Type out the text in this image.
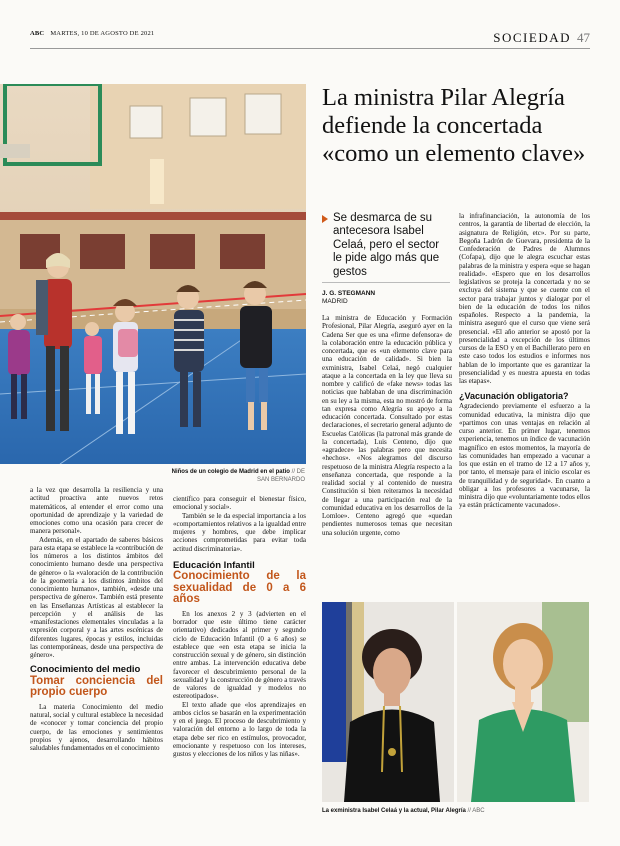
ABC MARTES, 10 DE AGOSTO DE 2021	SOCIEDAD 47
Niños de un colegio de Madrid en el patio // DE SAN BERNARDO
La ministra Pilar Alegría defiende la concertada «como un elemento clave»
Se desmarca de su antecesora Isabel Celaá, pero el sector le pide algo más que gestos
J. G. STEGMANN
MADRID

a la vez que desarrolla la resiliencia y una actitud proactiva ante nuevos retos matemáticos, al entender el error como una oportunidad de aprendizaje y la variedad de emociones como una ocasión para crecer de manera personal».

Además, en el apartado de saberes básicos para esta etapa se establece la «contribución de los números a los distintos ámbitos del conocimiento humano desde una perspectiva de género» o la «valoración de la contribución de la geometría a los distintos ámbitos del conocimiento humano», también, «desde una perspectiva de género». También está presente en las Enseñanzas Artísticas al establecer la percepción y el análisis de las «manifestaciones elementales vinculadas a la expresión corporal y a las artes escénicas de diferentes lugares, épocas y estilos, incluidas las contemporáneas, desde una perspectiva de género».

Conocimiento del medio
Tomar conciencia del propio cuerpo

La materia Conocimiento del medio natural, social y cultural establece la necesidad de «conocer y tomar conciencia del propio cuerpo, de las emociones y sentimientos propios y ajenos, desarrollando hábitos saludables fundamentados en el conocimiento

científico para conseguir el bienestar físico, emocional y social».

También se le da especial importancia a los «comportamientos relativos a la igualdad entre mujeres y hombres, que debe implicar acciones comprometidas para evitar toda actitud discriminatoria».

Educación Infantil
Conocimiento de la sexualidad de 0 a 6 años

En los anexos 2 y 3 (advierten en el borrador que este último tiene carácter orientativo) dedicados al primer y segundo ciclo de Educación Infantil (0 a 6 años) se establece que «en esta etapa se inicia la construcción sexual y de género, sin distinción entre ambas. La intervención educativa debe favorecer el descubrimiento personal de la sexualidad y la construcción de género a través de valores de igualdad y modelos no estereotipados».

El texto añade que «los aprendizajes en ambos ciclos se basarán en la experimentación y en el juego. El proceso de descubrimiento y valoración del entorno a lo largo de toda la etapa debe ser rico en estímulos, provocador, emocionante y respetuoso con los intereses, gustos y elecciones de los niños y las niñas».

La ministra de Educación y Formación Profesional, Pilar Alegría, aseguró ayer en la Cadena Ser que es una «firme defensora» de la colaboración entre la educación pública y concertada, que es «un elemento clave para una educación de calidad». Si bien la exministra, Isabel Celaá, negó cualquier ataque a la concertada en la ley que lleva su nombre y calificó de «fake news» todas las noticias que hablaban de una discriminación en su ley a la misma, esta no mostró de forma tan expresa como Alegría su apoyo a la educación concertada. Consultado por estas declaraciones, el secretario general adjunto de Escuelas Católicas (la patronal más grande de la concertada), Luis Centeno, dijo que «agradece» las palabras pero que necesita «hechos». «Nos alegramos del discurso respetuoso de la ministra Alegría respecto a la enseñanza concertada, que responde a la realidad social y al contenido de nuestra Constitución si bien reiteramos la necesidad de llegar a una participación real de la comunidad educativa en los desarrollos de la Lomloe». Centeno agregó que «quedan pendientes numerosos temas que necesitan una solución urgente, como

la infrafinanciación, la autonomía de los centros, la garantía de libertad de elección, la asignatura de Religión, etc». Por su parte, Begoña Ladrón de Guevara, presidenta de la Confederación de Padres de Alumnos (Cofapa), dijo que le alegra escuchar estas palabras de la ministra y espera «que se hagan realidad». «Espero que en los desarrollos legislativos se proteja la concertada y no se excluya del sistema y que se cuente con el sector para trabajar juntos y dialogar por el bien de la educación de todos los niños españoles. Respecto a la pandemia, la ministra aseguró que el curso que viene será presencial. «El año anterior se apostó por la presencialidad a excepción de los últimos cursos de la ESO y en el Bachillerato pero en este caso todos los estudios e informes nos hablan de lo importante que es garantizar la presencialidad y es nuestra apuesta en todas las etapas».

¿Vacunación obligatoria?

Agradeciendo previamente el esfuerzo a la comunidad educativa, la ministra dijo que «partimos con unas ventajas en relación al curso anterior. En primer lugar, tenemos experiencia, tenemos un índice de vacunación magnífico en estos momentos, la mayoría de las comunidades han empezado a vacunar a los que están en el tramo de 12 a 17 años y, por tanto, el mensaje para el inicio escolar es de tranquilidad y de seguridad». En cuanto a obligar a los profesores a vacunarse, la ministra dijo que «voluntariamente todos ellos ya están prácticamente vacunados».

La exministra Isabel Celaá y la actual, Pilar Alegría // ABC
